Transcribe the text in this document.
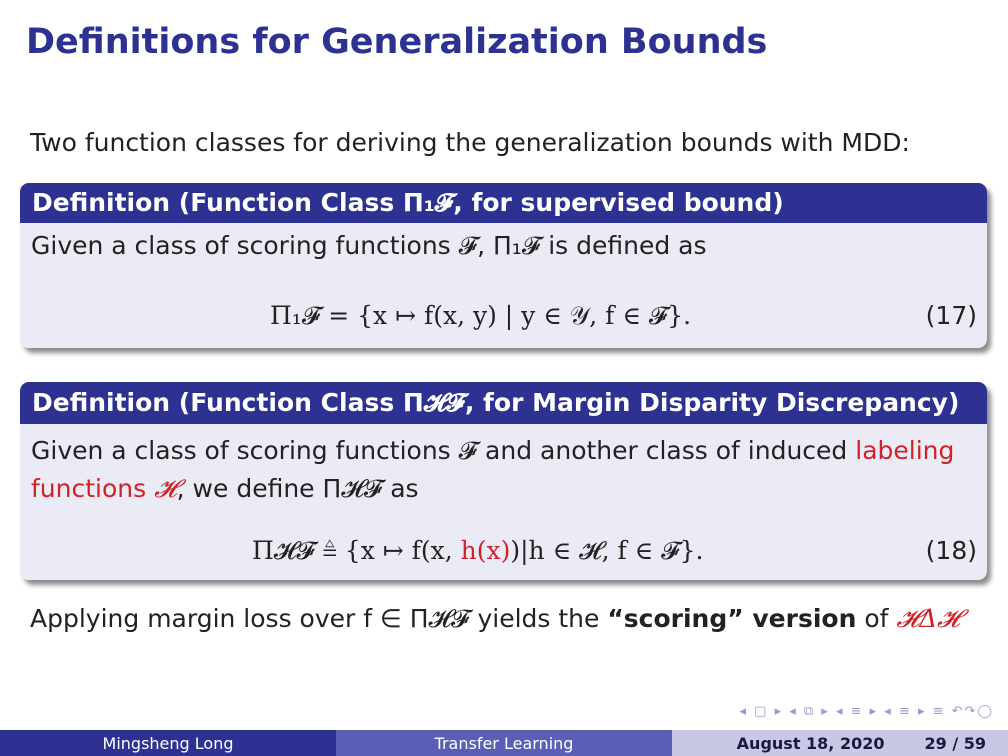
Definitions for Generalization Bounds
Two function classes for deriving the generalization bounds with MDD:
Definition (Function Class Π₁𝓕, for supervised bound)
Given a class of scoring functions 𝓕, Π₁𝓕 is defined as
Π₁𝓕 = {x ↦ f(x, y) | y ∈ 𝒴, f ∈ 𝓕}.	(17)
Definition (Function Class Π𝓗𝓕, for Margin Disparity Discrepancy)
Given a class of scoring functions 𝓕 and another class of induced labeling functions 𝓗, we define Π𝓗𝓕 as
Π𝓗𝓕 ≜ {x ↦ f(x, h(x))|h ∈ 𝓗, f ∈ 𝓕}.	(18)
Applying margin loss over f ∈ Π𝓗𝓕 yields the “scoring” version of 𝓗Δ𝓗
◂ □ ▸ ◂ ⧉ ▸ ◂ ≡ ▸ ◂ ≡ ▸ ≡ ↶↷◯
Mingsheng Long	Transfer Learning	August 18, 2020	29 / 59
